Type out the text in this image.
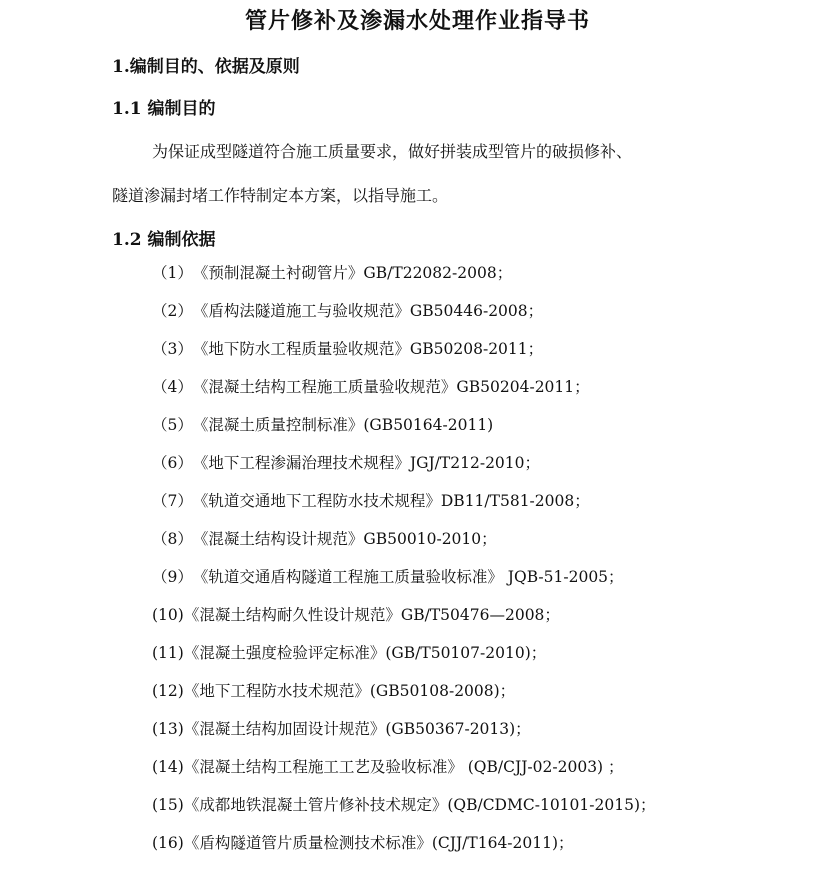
管片修补及渗漏水处理作业指导书
1.编制目的、依据及原则
1.1 编制目的
为保证成型隧道符合施工质量要求，做好拼装成型管片的破损修补、
隧道渗漏封堵工作特制定本方案，以指导施工。
1.2 编制依据
（1）《预制混凝土衬砌管片》GB/T22082-2008；
（2）《盾构法隧道施工与验收规范》GB50446-2008；
（3）《地下防水工程质量验收规范》GB50208-2011；
（4）《混凝土结构工程施工质量验收规范》GB50204-2011；
（5）《混凝土质量控制标准》(GB50164-2011)
（6）《地下工程渗漏治理技术规程》JGJ/T212-2010；
（7）《轨道交通地下工程防水技术规程》DB11/T581-2008；
（8）《混凝土结构设计规范》GB50010-2010；
（9）《轨道交通盾构隧道工程施工质量验收标准》 JQB-51-2005；
(10)《混凝土结构耐久性设计规范》GB/T50476—2008；
(11)《混凝土强度检验评定标准》(GB/T50107-2010)；
(12)《地下工程防水技术规范》(GB50108-2008)；
(13)《混凝土结构加固设计规范》(GB50367-2013)；
(14)《混凝土结构工程施工工艺及验收标准》 (QB/CJJ-02-2003) ；
(15)《成都地铁混凝土管片修补技术规定》(QB/CDMC-10101-2015)；
(16)《盾构隧道管片质量检测技术标准》(CJJ/T164-2011)；
